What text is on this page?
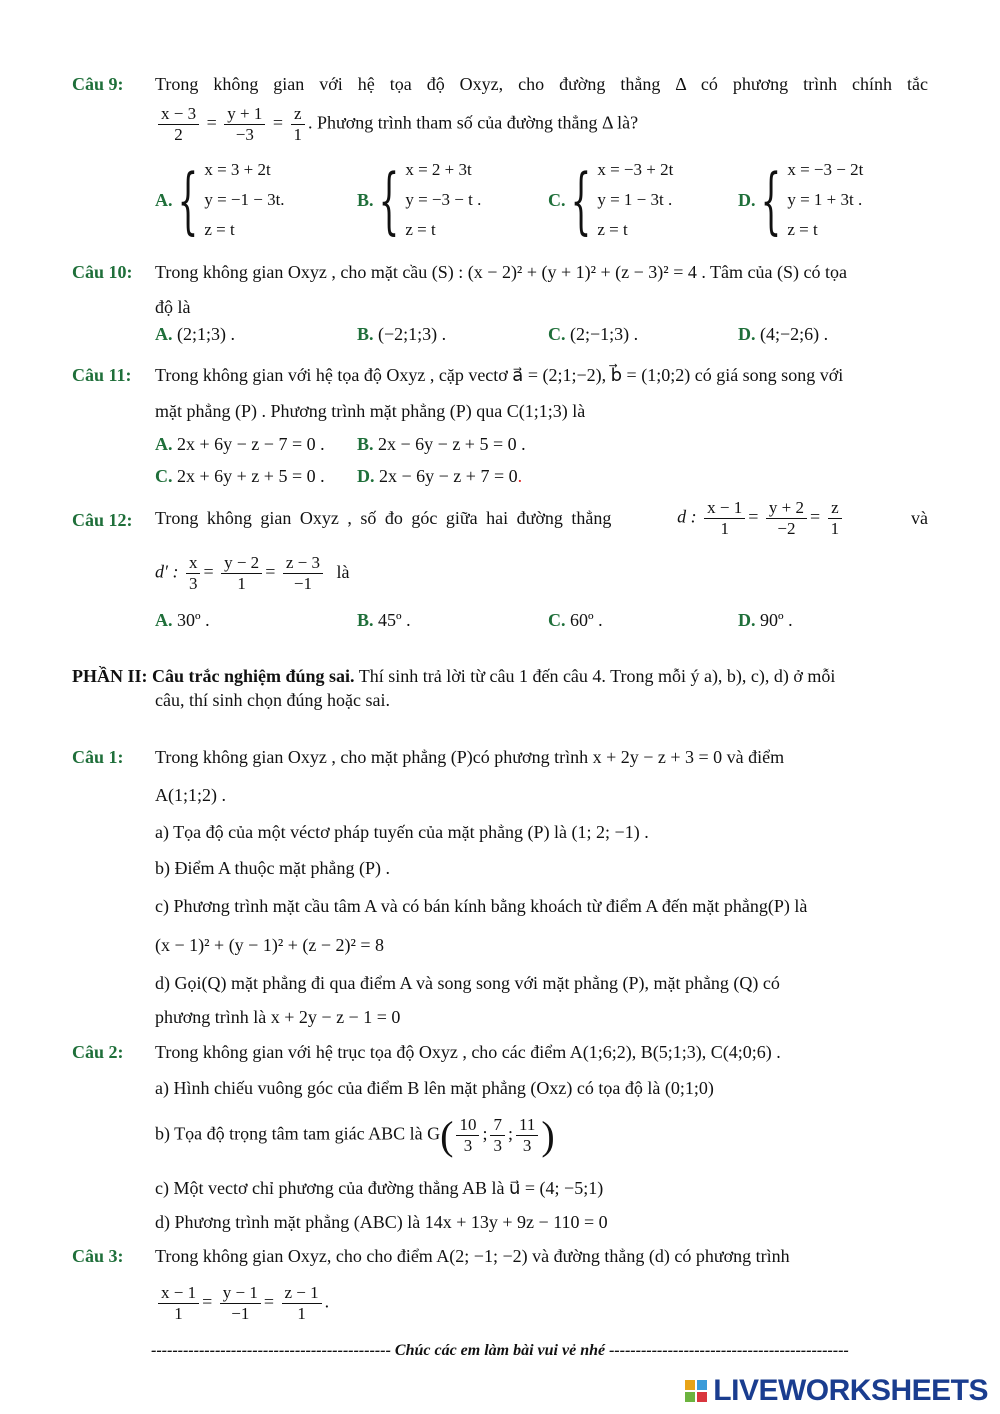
Câu 9: Trong không gian với hệ tọa độ Oxyz, cho đường thẳng Δ có phương trình chính tắc
$\frac{x - 3}{2} = \frac{y + 1}{-3} = \frac{z}{1}$ . Phương trình tham số của đường thẳng Δ là?
A. { x = 3 + 2t
y = −1 − 3t.
z = t
B. { x = 2 + 3t
y = −3 − t .
z = t
C. { x = −3 + 2t
y = 1 − 3t .
z = t
D. { x = −3 − 2t
y = 1 + 3t .
z = t
Câu 10: Trong không gian Oxyz , cho mặt cầu (S) : (x − 2)² + (y + 1)² + (z − 3)² = 4 . Tâm của (S) có tọa
độ là
A. (2;1;3) .	B. (−2;1;3) .	C. (2;−1;3) .	D. (4;−2;6) .
Câu 11: Trong không gian với hệ tọa độ Oxyz , cặp vectơ a⃗ = (2;1;−2), b⃗ = (1;0;2) có giá song song với
mặt phẳng (P) . Phương trình mặt phẳng (P) qua C(1;1;3) là
A. 2x + 6y − z − 7 = 0 . B. 2x − 6y − z + 5 = 0 .
C. 2x + 6y + z + 5 = 0 . D. 2x − 6y − z + 7 = 0.
Câu 12: Trong không gian Oxyz , số đo góc giữa hai đường thẳng	d : $\frac{x - 1}{1} = \frac{y + 2}{-2} = \frac{z}{1}$	và
d′ : $\frac{x}{3} = \frac{y - 2}{1} = \frac{z - 3}{-1}$ là
A. 30º .	B. 45º .	C. 60º .	D. 90º .
PHẦN II: Câu trắc nghiệm đúng sai. Thí sinh trả lời từ câu 1 đến câu 4. Trong mỗi ý a), b), c), d) ở mỗi
câu, thí sinh chọn đúng hoặc sai.
Câu 1: Trong không gian Oxyz , cho mặt phẳng (P)có phương trình x + 2y − z + 3 = 0 và điểm
A(1;1;2) .
a) Tọa độ của một véctơ pháp tuyến của mặt phẳng (P) là (1; 2; −1) .
b) Điểm A thuộc mặt phẳng (P) .
c) Phương trình mặt cầu tâm A và có bán kính bằng khoách từ điểm A đến mặt phẳng(P) là
(x − 1)² + (y − 1)² + (z − 2)² = 8
d) Gọi(Q) mặt phẳng đi qua điểm A và song song với mặt phẳng (P), mặt phẳng (Q) có
phương trình là x + 2y − z − 1 = 0
Câu 2: Trong không gian với hệ trục tọa độ Oxyz , cho các điểm A(1;6;2), B(5;1;3), C(4;0;6) .
a) Hình chiếu vuông góc của điểm B lên mặt phẳng (Oxz) có tọa độ là (0;1;0)
b) Tọa độ trọng tâm tam giác ABC là $G( \frac{10}{3}$ ; $\frac{7}{3}$ ; $\frac{11}{3}$ )
c) Một vectơ chỉ phương của đường thẳng AB là u⃗ = (4; −5;1)
d) Phương trình mặt phẳng (ABC) là 14x + 13y + 9z − 110 = 0
Câu 3: Trong không gian Oxyz, cho cho điểm A(2; −1; −2) và đường thẳng (d) có phương trình
$\frac{x - 1}{1} = \frac{y - 1}{-1} = \frac{z - 1}{1}$ .
--------------------------------------------- Chúc các em làm bài vui vẻ nhé ---------------------------------------------
LIVEWORKSHEETS
